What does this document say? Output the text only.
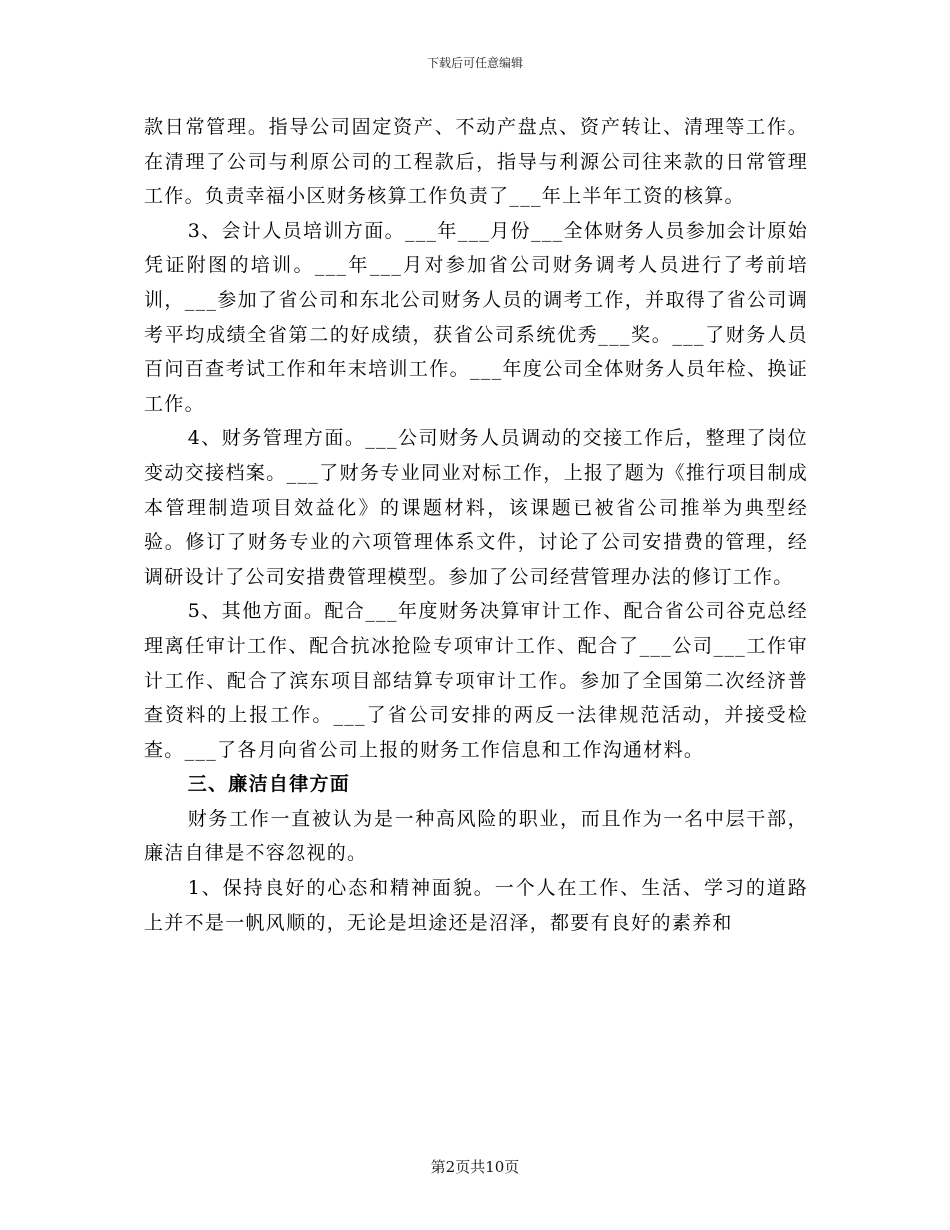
下载后可任意编辑

款日常管理。指导公司固定资产、不动产盘点、资产转让、清理等工作。在清理了公司与利原公司的工程款后，指导与利源公司往来款的日常管理工作。负责幸福小区财务核算工作负责了___年上半年工资的核算。

3、会计人员培训方面。___年___月份___全体财务人员参加会计原始凭证附图的培训。___年___月对参加省公司财务调考人员进行了考前培训，___参加了省公司和东北公司财务人员的调考工作，并取得了省公司调考平均成绩全省第二的好成绩，获省公司系统优秀___奖。___了财务人员百问百查考试工作和年末培训工作。___年度公司全体财务人员年检、换证工作。

4、财务管理方面。___公司财务人员调动的交接工作后，整理了岗位变动交接档案。___了财务专业同业对标工作，上报了题为《推行项目制成本管理制造项目效益化》的课题材料，该课题已被省公司推举为典型经验。修订了财务专业的六项管理体系文件，讨论了公司安措费的管理，经调研设计了公司安措费管理模型。参加了公司经营管理办法的修订工作。

5、其他方面。配合___年度财务决算审计工作、配合省公司谷克总经理离任审计工作、配合抗冰抢险专项审计工作、配合了___公司___工作审计工作、配合了滨东项目部结算专项审计工作。参加了全国第二次经济普查资料的上报工作。___了省公司安排的两反一法律规范活动，并接受检查。___了各月向省公司上报的财务工作信息和工作沟通材料。

三、廉洁自律方面

财务工作一直被认为是一种高风险的职业，而且作为一名中层干部，廉洁自律是不容忽视的。

1、保持良好的心态和精神面貌。一个人在工作、生活、学习的道路上并不是一帆风顺的，无论是坦途还是沼泽，都要有良好的素养和

第2页共10页
